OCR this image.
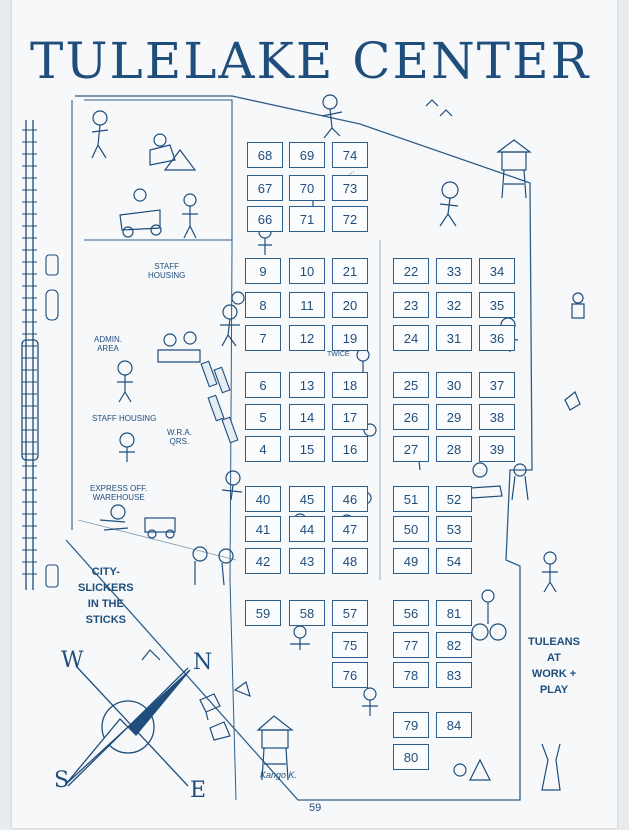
TULELAKE CENTER
68	69	74
67	70	73
66	71	72
9	10	21
8	11	20
7	12	19
6	13	18
5	14	17
4	15	16
40	45	46
41	44	47
42	43	48
59	58	57
75
76
22	33	34
23	32	35
24	31	36
25	30	37
26	29	38
27	28	39
51	52
50	53
49	54
56	81
77	82
78	83
79	84
80
STAFF
HOUSING
ADMIN.
AREA
STAFF HOUSING
W.R.A.
QRS.
EXPRESS OFF.
WAREHOUSE
CITY-
SLICKERS
IN THE
STICKS
TULEANS
AT
WORK +
PLAY
TWICE
W	N
S	E
Kango K.
...
59
